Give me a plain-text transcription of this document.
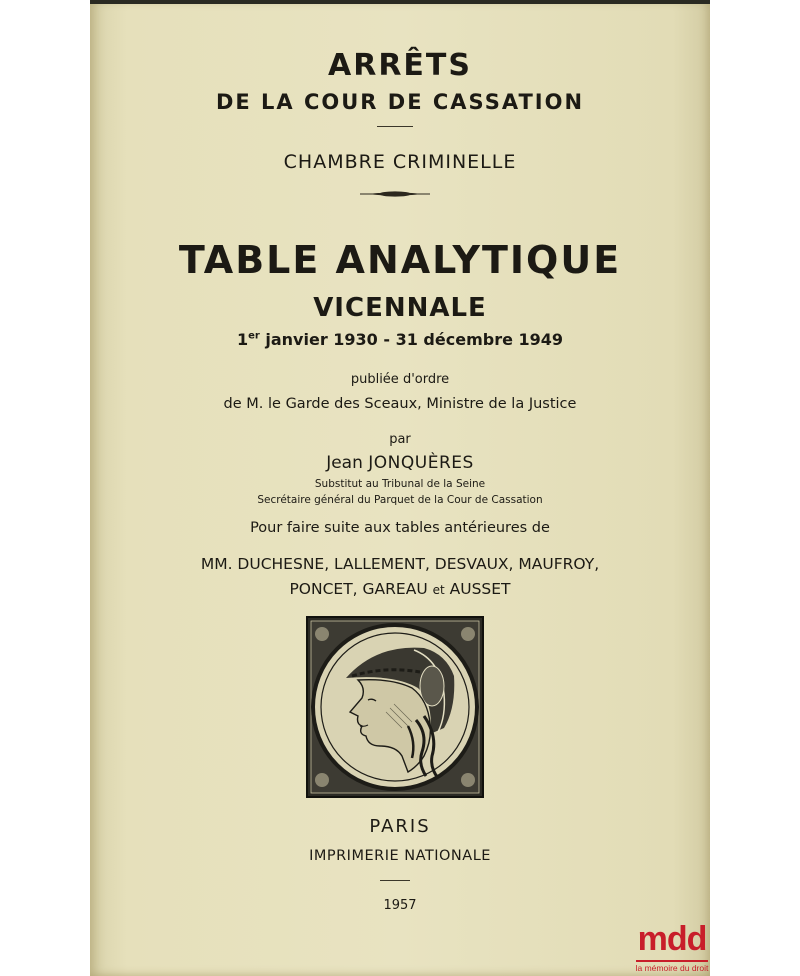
ARRÊTS
DE LA COUR DE CASSATION
CHAMBRE CRIMINELLE
TABLE ANALYTIQUE
VICENNALE
1er janvier 1930 - 31 décembre 1949
publiée d'ordre
de M. le Garde des Sceaux, Ministre de la Justice
par
Jean JONQUÈRES
Substitut au Tribunal de la Seine
Secrétaire général du Parquet de la Cour de Cassation
Pour faire suite aux tables antérieures de
MM. DUCHESNE, LALLEMENT, DESVAUX, MAUFROY,
PONCET, GAREAU et AUSSET
PARIS
IMPRIMERIE NATIONALE
1957
mdd
la mémoire du droit
